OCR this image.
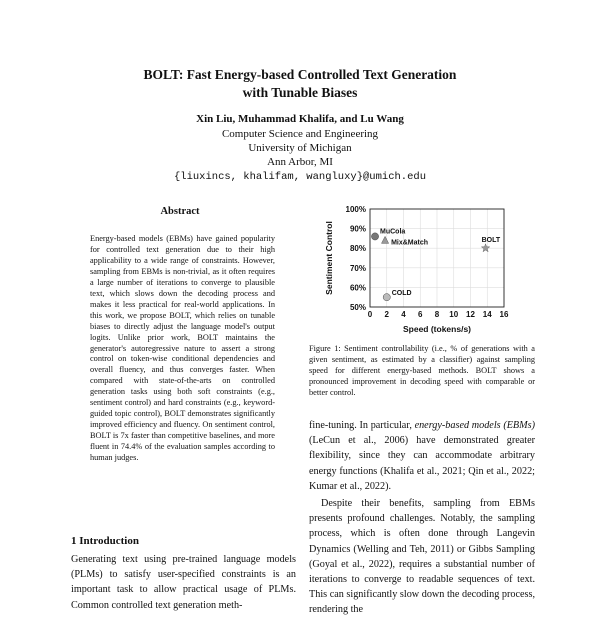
BOLT: Fast Energy-based Controlled Text Generation
with Tunable Biases
Xin Liu, Muhammad Khalifa, and Lu Wang
Computer Science and Engineering
University of Michigan
Ann Arbor, MI
{liuxincs, khalifam, wangluxy}@umich.edu
Abstract
Energy-based models (EBMs) have gained popularity for controlled text generation due to their high applicability to a wide range of constraints. However, sampling from EBMs is non-trivial, as it often requires a large number of iterations to converge to plausible text, which slows down the decoding process and makes it less practical for real-world applications. In this work, we propose BOLT, which relies on tunable biases to directly adjust the language model's output logits. Unlike prior work, BOLT maintains the generator's autoregressive nature to assert a strong control on token-wise conditional dependencies and overall fluency, and thus converges faster. When compared with state-of-the-arts on controlled generation tasks using both soft constraints (e.g., sentiment control) and hard constraints (e.g., keyword-guided topic control), BOLT demonstrates significantly improved efficiency and fluency. On sentiment control, BOLT is 7x faster than competitive baselines, and more fluent in 74.4% of the evaluation samples according to human judges.
1 Introduction
Generating text using pre-trained language models (PLMs) to satisfy user-specified constraints is an important task to allow practical usage of PLMs. Common controlled text generation meth-
50%
60%
70%
80%
90%
100%
0 2 4 6 8 10 12 14 16
Speed (tokens/s)
Sentiment Control	MuCola
Mix&Match
COLD
BOLT
Figure 1: Sentiment controllability (i.e., % of generations with a given sentiment, as estimated by a classifier) against sampling speed for different energy-based methods. BOLT shows a pronounced improvement in decoding speed with comparable or better control.

fine-tuning. In particular, energy-based models (EBMs) (LeCun et al., 2006) have demonstrated greater flexibility, since they can accommodate arbitrary energy functions (Khalifa et al., 2021; Qin et al., 2022; Kumar et al., 2022).

Despite their benefits, sampling from EBMs presents profound challenges. Notably, the sampling process, which is often done through Langevin Dynamics (Welling and Teh, 2011) or Gibbs Sampling (Goyal et al., 2022), requires a substantial number of iterations to converge to readable sequences of text. This can significantly slow down the decoding process, rendering the
